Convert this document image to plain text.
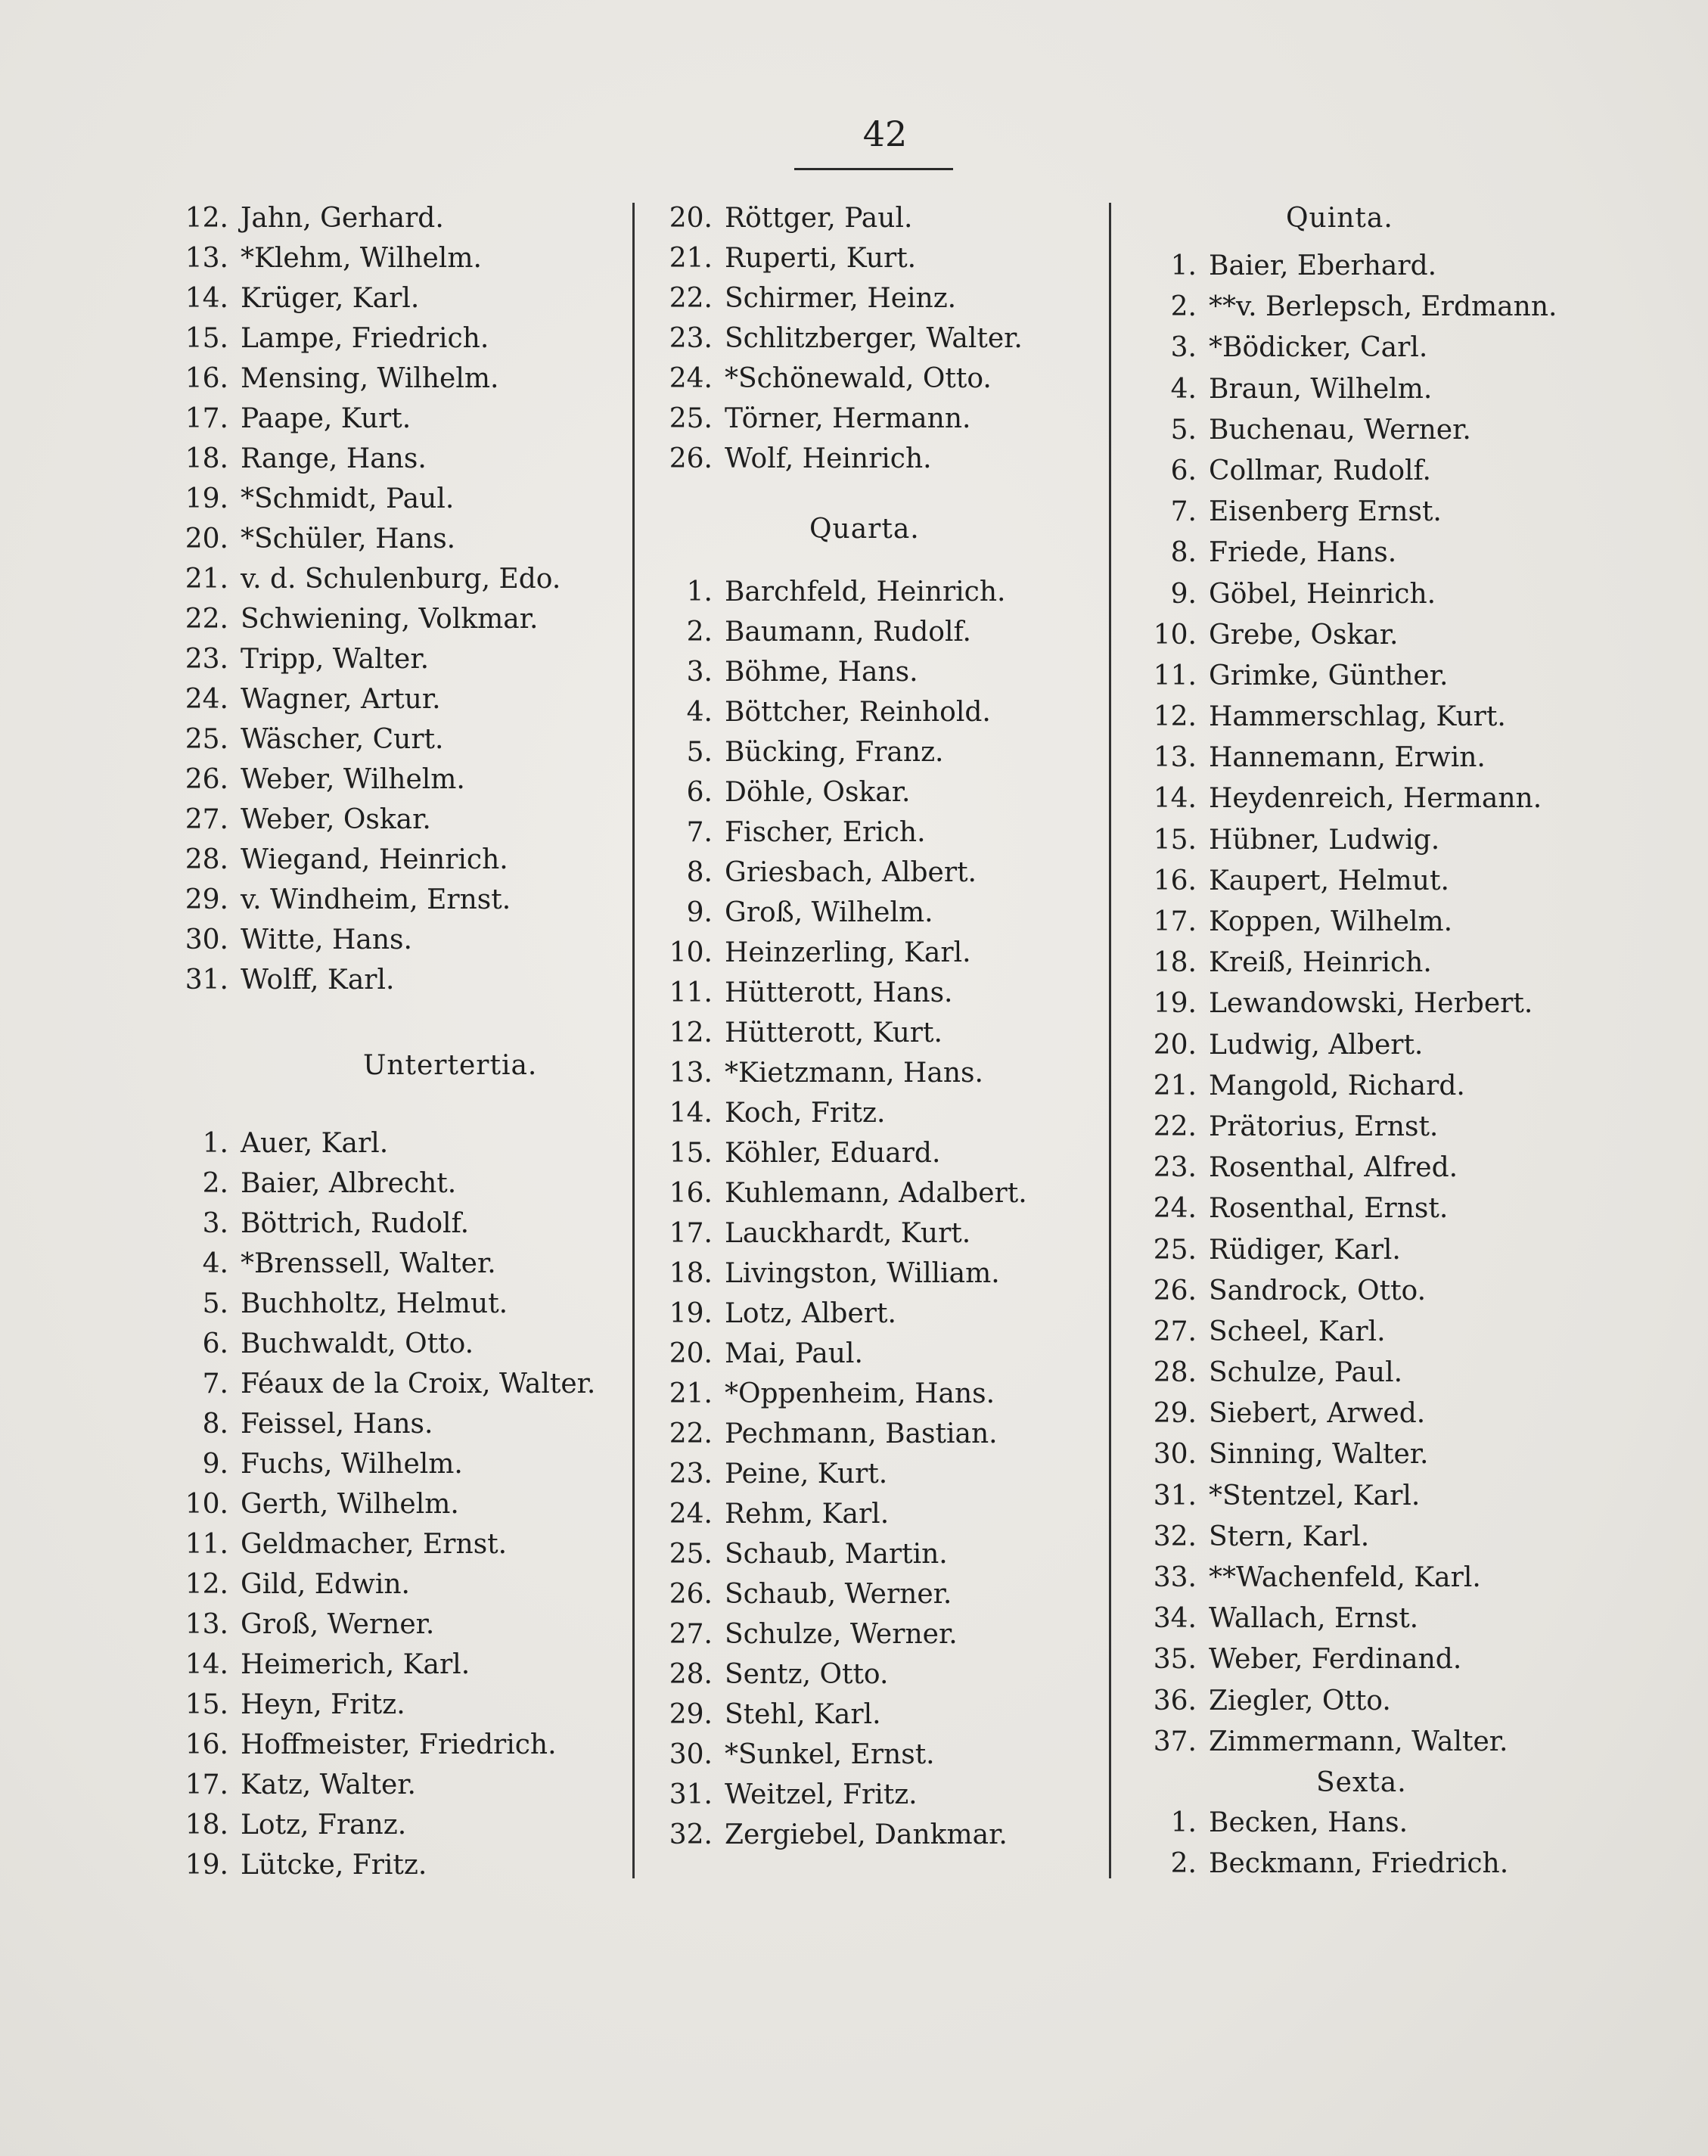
42
12. Jahn, Gerhard.
13. *Klehm, Wilhelm.
14. Krüger, Karl.
15. Lampe, Friedrich.
16. Mensing, Wilhelm.
17. Paape, Kurt.
18. Range, Hans.
19. *Schmidt, Paul.
20. *Schüler, Hans.
21. v. d. Schulenburg, Edo.
22. Schwiening, Volkmar.
23. Tripp, Walter.
24. Wagner, Artur.
25. Wäscher, Curt.
26. Weber, Wilhelm.
27. Weber, Oskar.
28. Wiegand, Heinrich.
29. v. Windheim, Ernst.
30. Witte, Hans.
31. Wolff, Karl.
Untertertia.
1. Auer, Karl.
2. Baier, Albrecht.
3. Böttrich, Rudolf.
4. *Brenssell, Walter.
5. Buchholtz, Helmut.
6. Buchwaldt, Otto.
7. Féaux de la Croix, Walter.
8. Feissel, Hans.
9. Fuchs, Wilhelm.
10. Gerth, Wilhelm.
11. Geldmacher, Ernst.
12. Gild, Edwin.
13. Groß, Werner.
14. Heimerich, Karl.
15. Heyn, Fritz.
16. Hoffmeister, Friedrich.
17. Katz, Walter.
18. Lotz, Franz.
19. Lütcke, Fritz.
20. Röttger, Paul.
21. Ruperti, Kurt.
22. Schirmer, Heinz.
23. Schlitzberger, Walter.
24. *Schönewald, Otto.
25. Törner, Hermann.
26. Wolf, Heinrich.
Quarta.
1. Barchfeld, Heinrich.
2. Baumann, Rudolf.
3. Böhme, Hans.
4. Böttcher, Reinhold.
5. Bücking, Franz.
6. Döhle, Oskar.
7. Fischer, Erich.
8. Griesbach, Albert.
9. Groß, Wilhelm.
10. Heinzerling, Karl.
11. Hütterott, Hans.
12. Hütterott, Kurt.
13. *Kietzmann, Hans.
14. Koch, Fritz.
15. Köhler, Eduard.
16. Kuhlemann, Adalbert.
17. Lauckhardt, Kurt.
18. Livingston, William.
19. Lotz, Albert.
20. Mai, Paul.
21. *Oppenheim, Hans.
22. Pechmann, Bastian.
23. Peine, Kurt.
24. Rehm, Karl.
25. Schaub, Martin.
26. Schaub, Werner.
27. Schulze, Werner.
28. Sentz, Otto.
29. Stehl, Karl.
30. *Sunkel, Ernst.
31. Weitzel, Fritz.
32. Zergiebel, Dankmar.
Quinta.
1. Baier, Eberhard.
2. **v. Berlepsch, Erdmann.
3. *Bödicker, Carl.
4. Braun, Wilhelm.
5. Buchenau, Werner.
6. Collmar, Rudolf.
7. Eisenberg Ernst.
8. Friede, Hans.
9. Göbel, Heinrich.
10. Grebe, Oskar.
11. Grimke, Günther.
12. Hammerschlag, Kurt.
13. Hannemann, Erwin.
14. Heydenreich, Hermann.
15. Hübner, Ludwig.
16. Kaupert, Helmut.
17. Koppen, Wilhelm.
18. Kreiß, Heinrich.
19. Lewandowski, Herbert.
20. Ludwig, Albert.
21. Mangold, Richard.
22. Prätorius, Ernst.
23. Rosenthal, Alfred.
24. Rosenthal, Ernst.
25. Rüdiger, Karl.
26. Sandrock, Otto.
27. Scheel, Karl.
28. Schulze, Paul.
29. Siebert, Arwed.
30. Sinning, Walter.
31. *Stentzel, Karl.
32. Stern, Karl.
33. **Wachenfeld, Karl.
34. Wallach, Ernst.
35. Weber, Ferdinand.
36. Ziegler, Otto.
37. Zimmermann, Walter.
Sexta.
1. Becken, Hans.
2. Beckmann, Friedrich.
